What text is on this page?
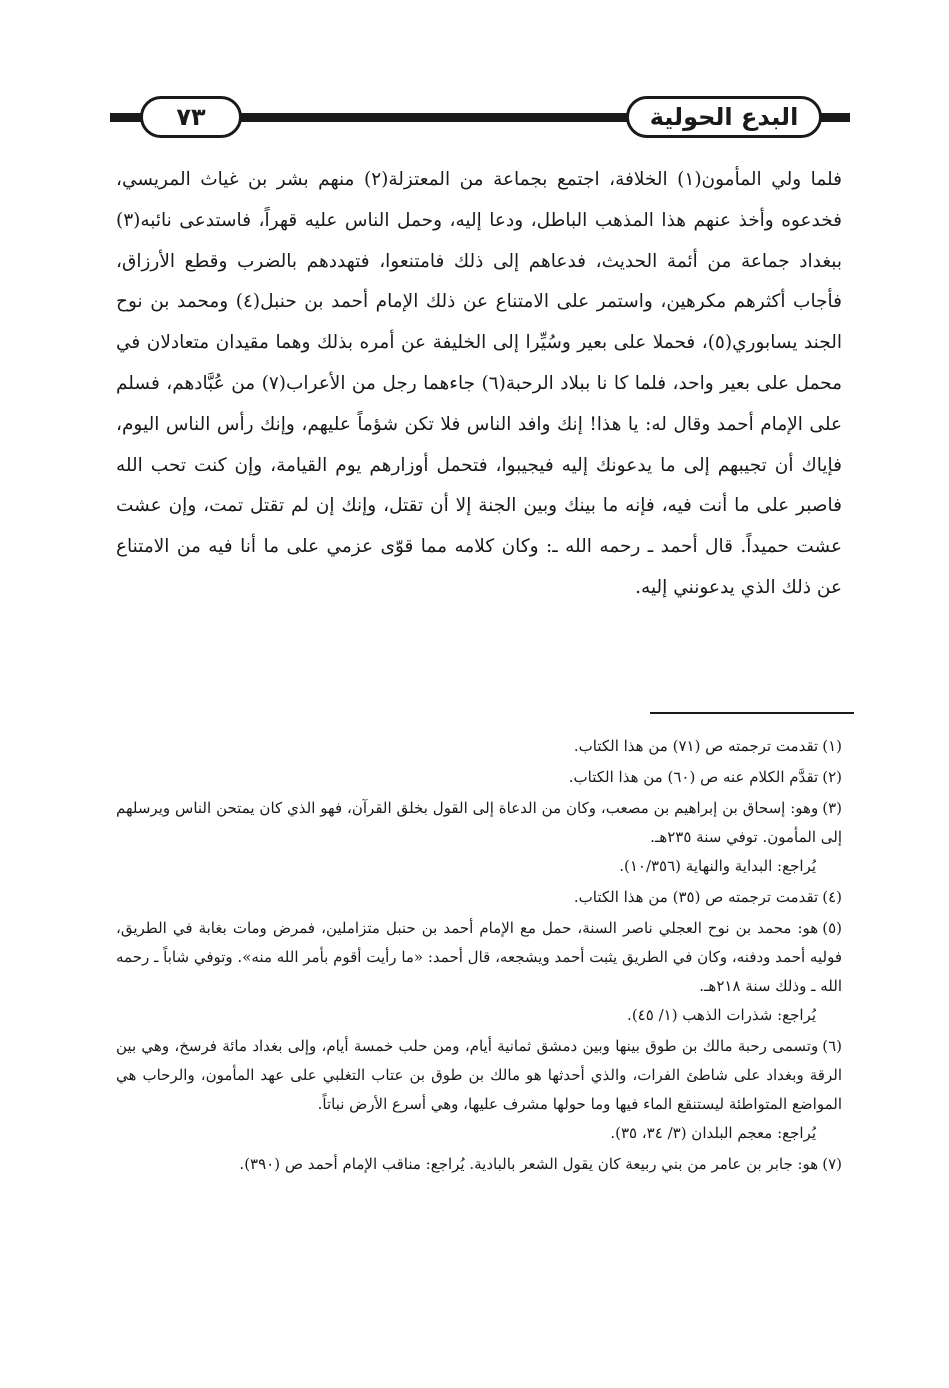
٧٣	البدع الحولية

فلما ولي المأمون(١) الخلافة، اجتمع بجماعة من المعتزلة(٢) منهم بشر بن غياث المريسي، فخدعوه وأخذ عنهم هذا المذهب الباطل، ودعا إليه، وحمل الناس عليه قهراً، فاستدعى نائبه(٣) ببغداد جماعة من أئمة الحديث، فدعاهم إلى ذلك فامتنعوا، فتهددهم بالضرب وقطع الأرزاق، فأجاب أكثرهم مكرهين، واستمر على الامتناع عن ذلك الإمام أحمد بن حنبل(٤) ومحمد بن نوح الجند يسابوري(٥)، فحملا على بعير وسُيِّرا إلى الخليفة عن أمره بذلك وهما مقيدان متعادلان في محمل على بعير واحد، فلما كا نا ببلاد الرحبة(٦) جاءهما رجل من الأعراب(٧) من عُبَّادهم، فسلم على الإمام أحمد وقال له: يا هذا! إنك وافد الناس فلا تكن شؤماً عليهم، وإنك رأس الناس اليوم، فإياك أن تجيبهم إلى ما يدعونك إليه فيجيبوا، فتحمل أوزارهم يوم القيامة، وإن كنت تحب الله فاصبر على ما أنت فيه، فإنه ما بينك وبين الجنة إلا أن تقتل، وإنك إن لم تقتل تمت، وإن عشت عشت حميداً. قال أحمد ـ رحمه الله ـ: وكان كلامه مما قوّى عزمي على ما أنا فيه من الامتناع عن ذلك الذي يدعونني إليه.

(١)تقدمت ترجمته ص (٧١) من هذا الكتاب.
(٢)تقدَّم الكلام عنه ص (٦٠) من هذا الكتاب.
(٣)وهو: إسحاق بن إبراهيم بن مصعب، وكان من الدعاة إلى القول بخلق القرآن، فهو الذي كان يمتحن الناس ويرسلهم إلى المأمون. توفي سنة ٢٣٥هـ.
يُراجع: البداية والنهاية (١٠/٣٥٦).
(٤)تقدمت ترجمته ص (٣٥) من هذا الكتاب.
(٥)هو: محمد بن نوح العجلي ناصر السنة، حمل مع الإمام أحمد بن حنبل متزاملين، فمرض ومات بغابة في الطريق، فوليه أحمد ودفنه، وكان في الطريق يثبت أحمد ويشجعه، قال أحمد: «ما رأيت أقوم بأمر الله منه». وتوفي شاباً ـ رحمه الله ـ وذلك سنة ٢١٨هـ.
يُراجع: شذرات الذهب (١/ ٤٥).
(٦)وتسمى رحبة مالك بن طوق بينها وبين دمشق ثمانية أيام، ومن حلب خمسة أيام، وإلى بغداد مائة فرسخ، وهي بين الرقة وبغداد على شاطئ الفرات، والذي أحدثها هو مالك بن طوق بن عتاب التغلبي على عهد المأمون، والرحاب هي المواضع المتواطئة ليستنقع الماء فيها وما حولها مشرف عليها، وهي أسرع الأرض نباتاً.
يُراجع: معجم البلدان (٣/ ٣٤، ٣٥).
(٧)هو: جابر بن عامر من بني ربيعة كان يقول الشعر بالبادية. يُراجع: مناقب الإمام أحمد ص (٣٩٠).
